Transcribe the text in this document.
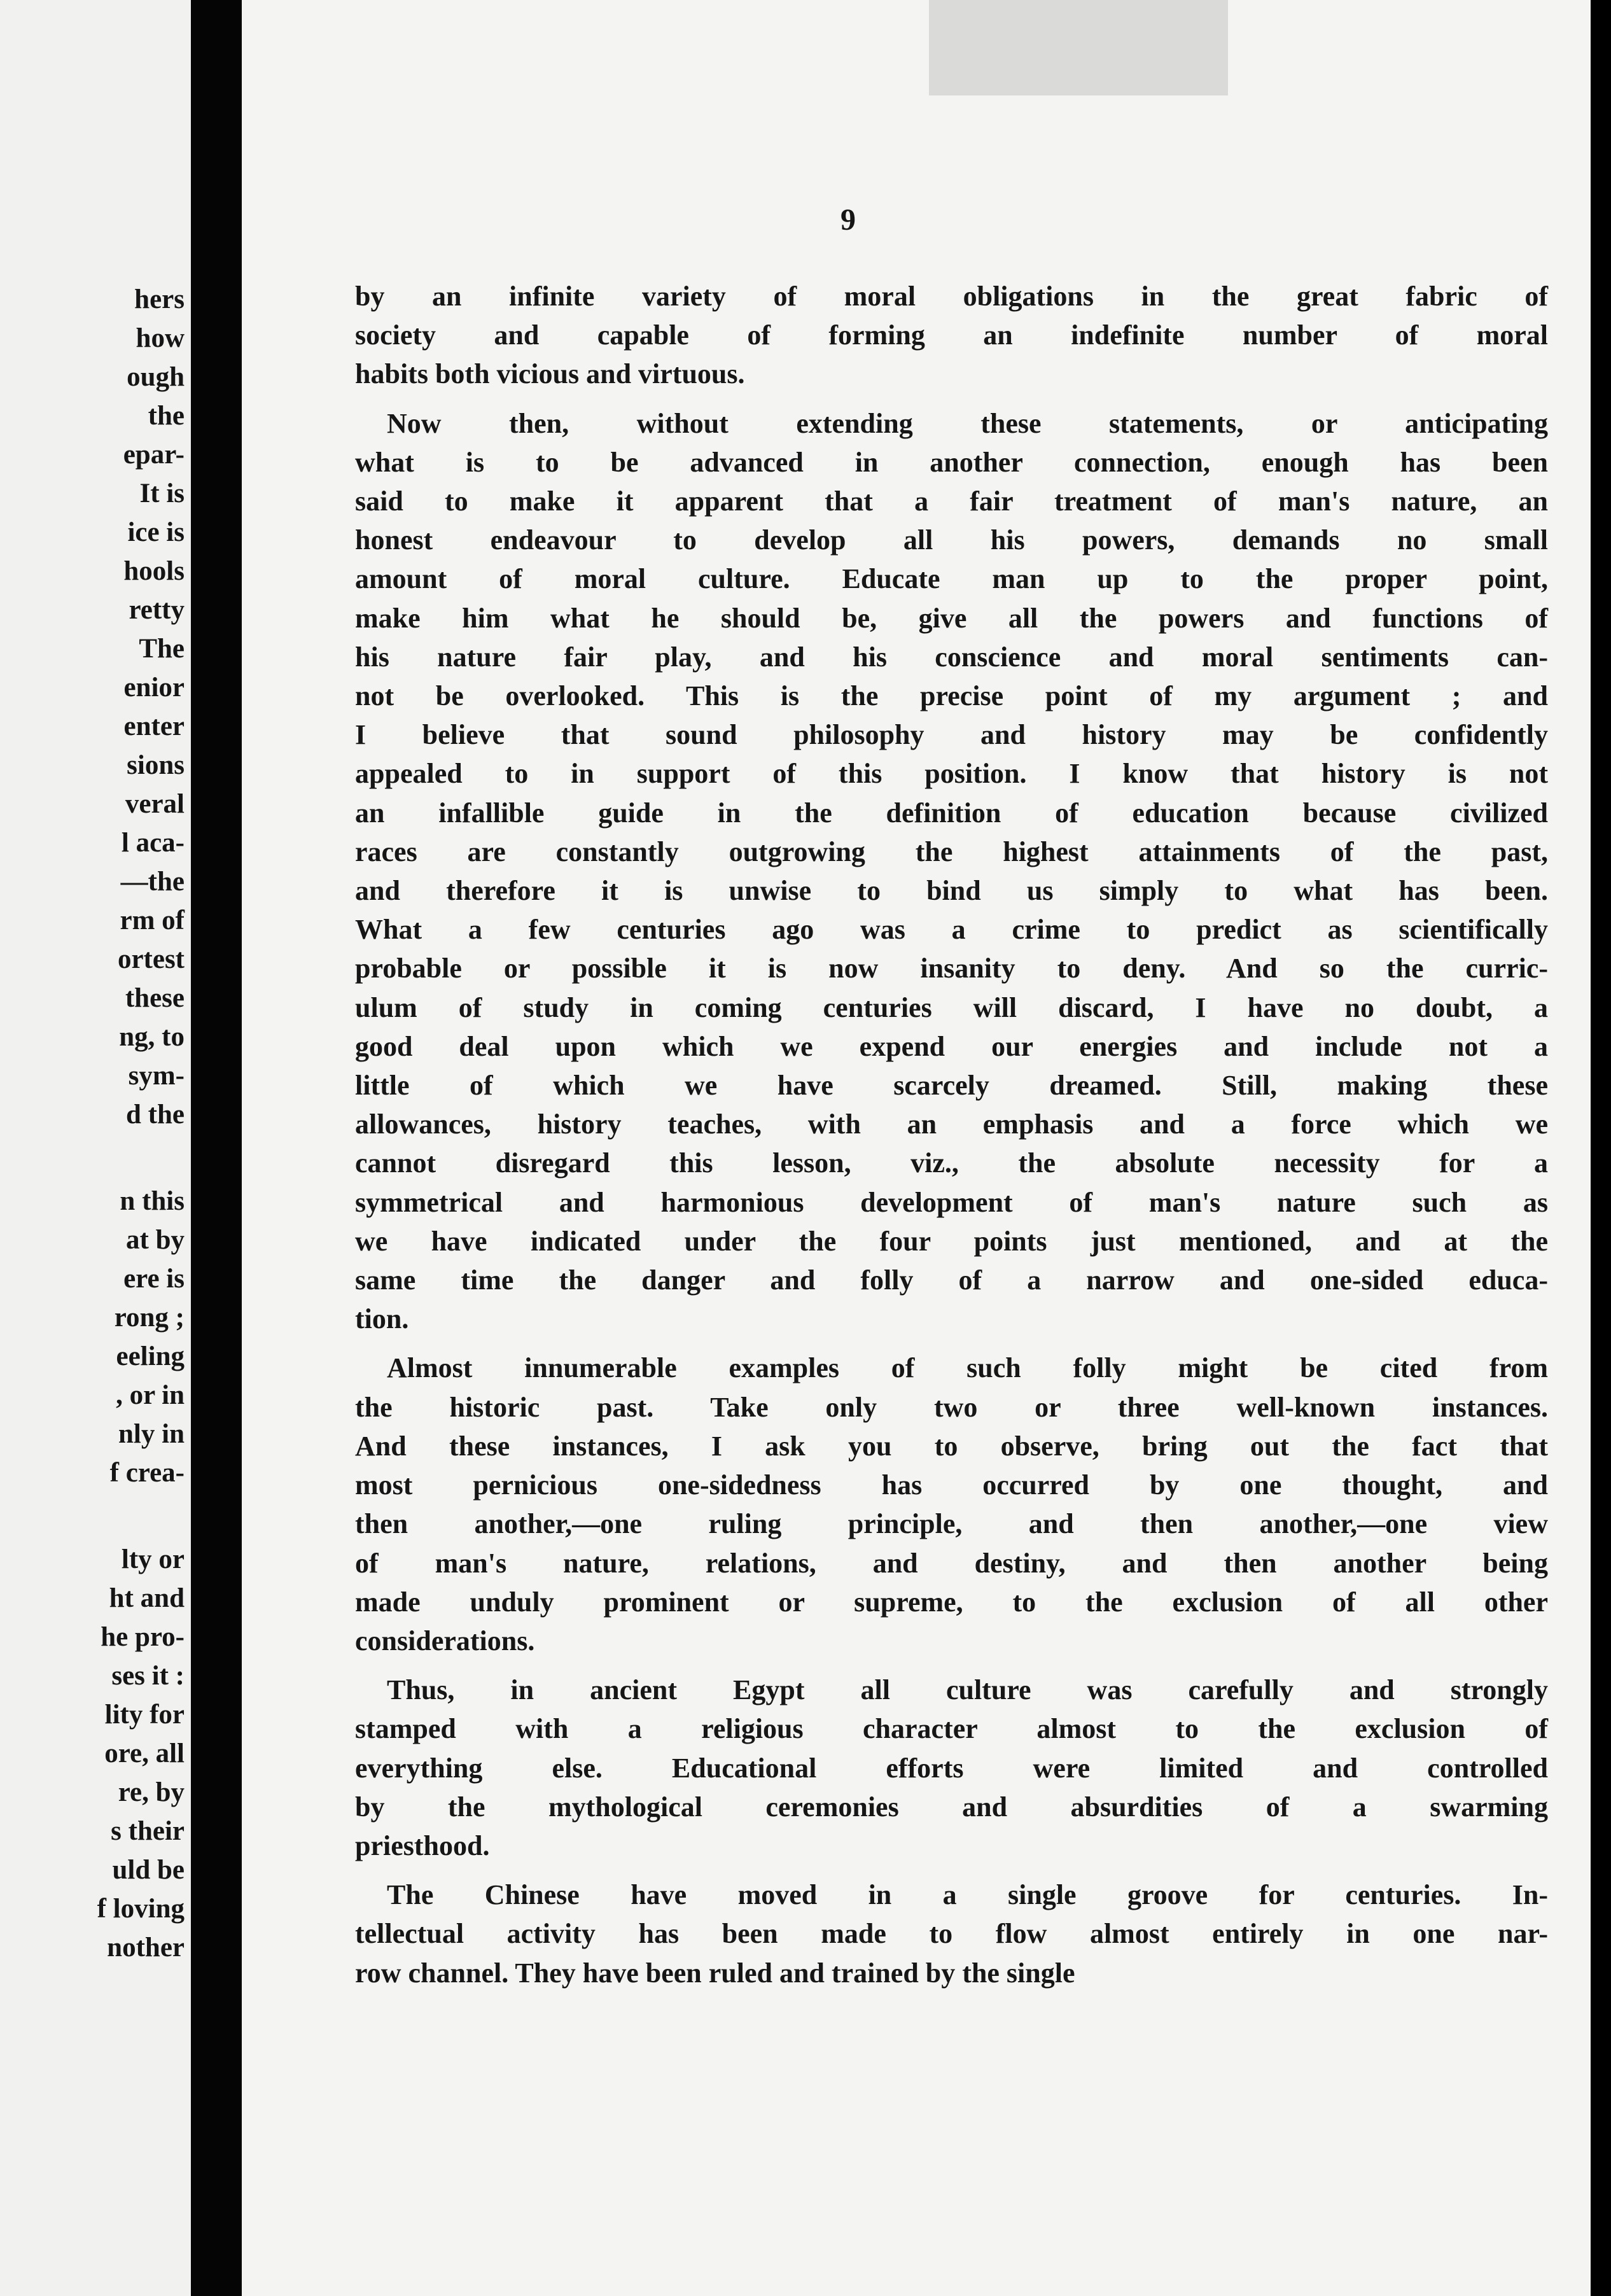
hers
how
ough
the
epar-
It is
ice is
hools
retty
The
enior
enter
sions
veral
l aca-
—the
rm of
ortest
these
ng, to
sym-
d the
n this
at by
ere is
rong ;
eeling
, or in
nly in
f crea-
lty or
ht and
he pro-
ses it :
lity for
ore, all
re, by
s their
uld be
f loving
nother
9
by an infinite variety of moral obligations in the great fabric of
society and capable of forming an indefinite number of moral
habits both vicious and virtuous.
Now then, without extending these statements, or anticipating
what is to be advanced in another connection, enough has been
said to make it apparent that a fair treatment of man's nature, an
honest endeavour to develop all his powers, demands no small
amount of moral culture. Educate man up to the proper point,
make him what he should be, give all the powers and functions of
his nature fair play, and his conscience and moral sentiments can-
not be overlooked. This is the precise point of my argument ; and
I believe that sound philosophy and history may be confidently
appealed to in support of this position. I know that history is not
an infallible guide in the definition of education because civilized
races are constantly outgrowing the highest attainments of the past,
and therefore it is unwise to bind us simply to what has been.
What a few centuries ago was a crime to predict as scientifically
probable or possible it is now insanity to deny. And so the curric-
ulum of study in coming centuries will discard, I have no doubt, a
good deal upon which we expend our energies and include not a
little of which we have scarcely dreamed. Still, making these
allowances, history teaches, with an emphasis and a force which we
cannot disregard this lesson, viz., the absolute necessity for a
symmetrical and harmonious development of man's nature such as
we have indicated under the four points just mentioned, and at the
same time the danger and folly of a narrow and one-sided educa-
tion.
Almost innumerable examples of such folly might be cited from
the historic past. Take only two or three well-known instances.
And these instances, I ask you to observe, bring out the fact that
most pernicious one-sidedness has occurred by one thought, and
then another,—one ruling principle, and then another,—one view
of man's nature, relations, and destiny, and then another being
made unduly prominent or supreme, to the exclusion of all other
considerations.
Thus, in ancient Egypt all culture was carefully and strongly
stamped with a religious character almost to the exclusion of
everything else. Educational efforts were limited and controlled
by the mythological ceremonies and absurdities of a swarming
priesthood.
The Chinese have moved in a single groove for centuries. In-
tellectual activity has been made to flow almost entirely in one nar-
row channel. They have been ruled and trained by the single
